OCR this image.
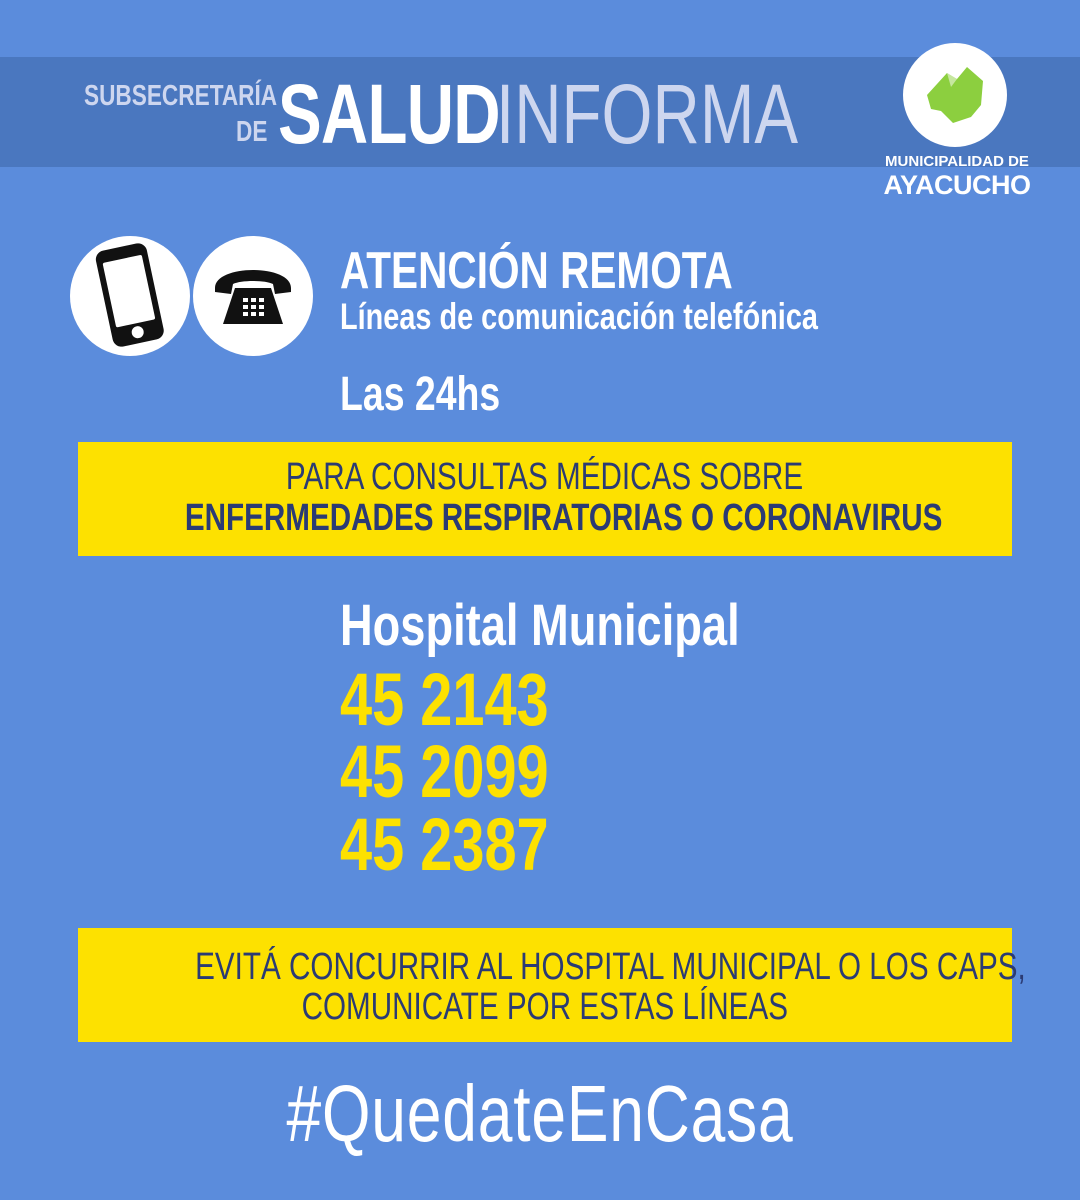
SUBSECRETARÍA
DE SALUD
INFORMA
MUNICIPALIDAD DE
AYACUCHO
ATENCIÓN REMOTA
Líneas de comunicación telefónica
Las 24hs
PARA CONSULTAS MÉDICAS SOBRE
ENFERMEDADES RESPIRATORIAS O CORONAVIRUS
Hospital Municipal
45 2143
45 2099
45 2387
EVITÁ CONCURRIR AL HOSPITAL MUNICIPAL O LOS CAPS,
COMUNICATE POR ESTAS LÍNEAS
#QuedateEnCasa
